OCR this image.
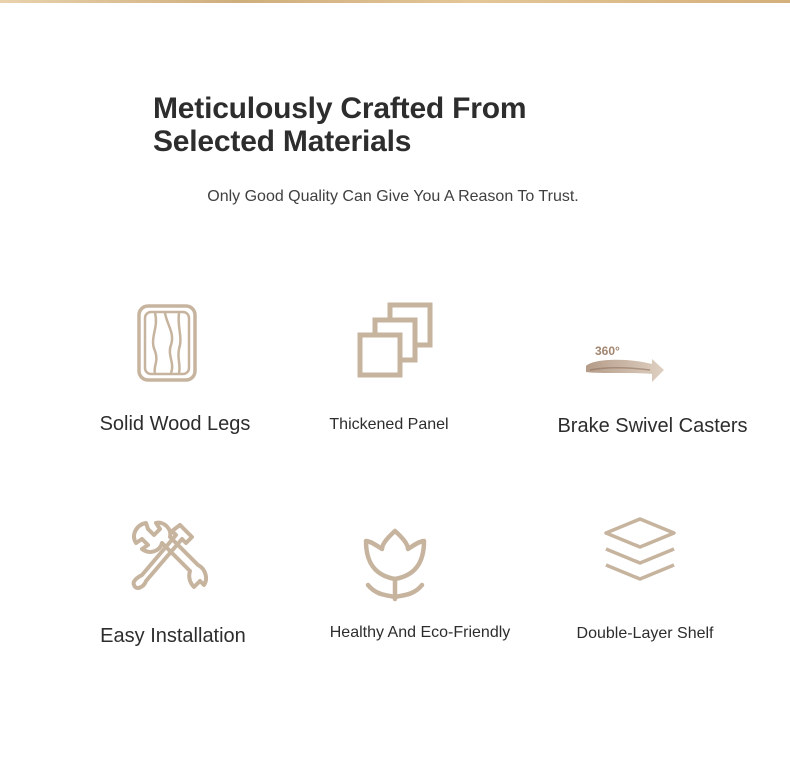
Meticulously Crafted From
Selected Materials

Only Good Quality Can Give You A Reason To Trust.

Solid Wood Legs	Thickened Panel
360°
Brake Swivel Casters
Easy Installation	Healthy And Eco-Friendly	Double-Layer Shelf
